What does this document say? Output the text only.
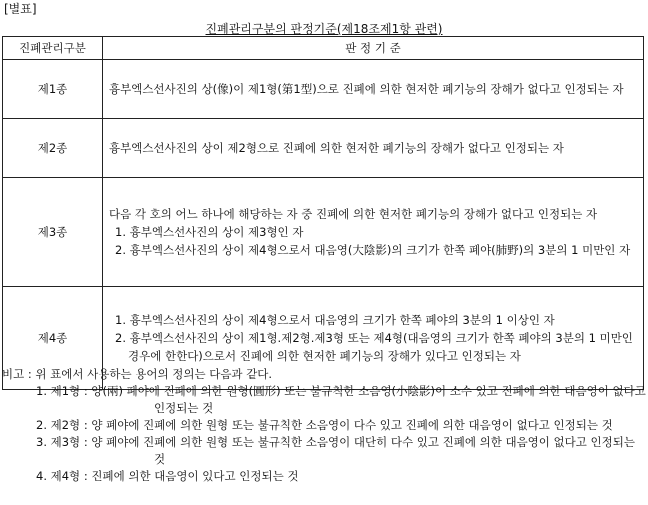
[별표]
진폐관리구분의 판정기준(제18조제1항 관련)
진폐관리구분	판 정 기 준
제1종	흉부엑스선사진의 상(像)이 제1형(第1型)으로 진폐에 의한 현저한 폐기능의 장해가 없다고 인정되는 자

제2종	흉부엑스선사진의 상이 제2형으로 진폐에 의한 현저한 폐기능의 장해가 없다고 인정되는 자

제3종	다음 각 호의 어느 하나에 해당하는 자 중 진폐에 의한 현저한 폐기능의 장해가 없다고 인정되는 자
1. 흉부엑스선사진의 상이 제3형인 자
2. 흉부엑스선사진의 상이 제4형으로서 대음영(大陰影)의 크기가 한쪽 폐야(肺野)의 3분의 1 미만인 자

제4종	1. 흉부엑스선사진의 상이 제4형으로서 대음영의 크기가 한쪽 폐야의 3분의 1 이상인 자
2. 흉부엑스선사진의 상이 제1형.제2형.제3형 또는 제4형(대음영의 크기가 한쪽 폐야의 3분의 1 미만인 경우에 한한다)으로서 진폐에 의한 현저한 폐기능의 장해가 있다고 인정되는 자
비고 : 위 표에서 사용하는 용어의 정의는 다음과 같다.
1. 제1형 : 양(兩) 폐야에 진폐에 의한 원형(圓形) 또는 불규칙한 소음영(小陰影)이 소수 있고 진폐에 의한 대음영이 없다고 인정되는 것
2. 제2형 : 양 폐야에 진폐에 의한 원형 또는 불규칙한 소음영이 다수 있고 진폐에 의한 대음영이 없다고 인정되는 것
3. 제3형 : 양 폐야에 진폐에 의한 원형 또는 불규칙한 소음영이 대단히 다수 있고 진폐에 의한 대음영이 없다고 인정되는 것
4. 제4형 : 진폐에 의한 대음영이 있다고 인정되는 것
